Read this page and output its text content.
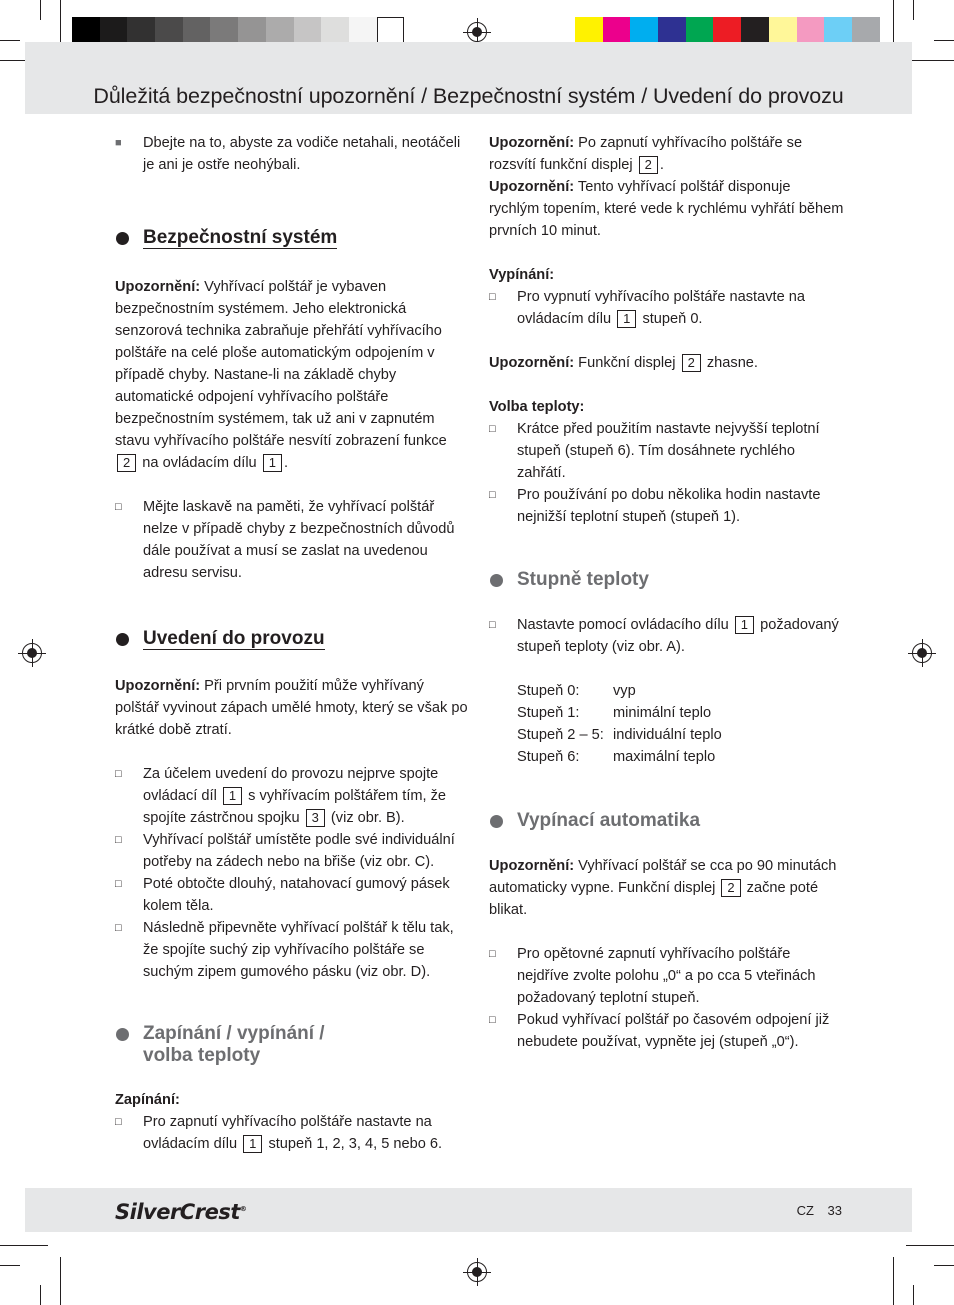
Důležitá bezpečnostní upozornění / Bezpečnostní systém / Uvedení do provozu

■ Dbejte na to, abyste za vodiče netahali, neotáčeli je ani je ostře neohýbali.

Bezpečnostní systém

Upozornění: Vyhřívací polštář je vybaven bezpečnostním systémem. Jeho elektronická senzorová technika zabraňuje přehřátí vyhřívacího polštáře na celé ploše automatickým odpojením v případě chyby. Nastane-li na základě chyby automatické odpojení vyhřívacího polštáře bezpečnostním systémem, tak už ani v zapnutém stavu vyhřívacího polštáře nesvítí zobrazení funkce 2 na ovládacím dílu 1 .

□ Mějte laskavě na paměti, že vyhřívací polštář nelze v případě chyby z bezpečnostních důvodů dále používat a musí se zaslat na uvedenou adresu servisu.

Uvedení do provozu

Upozornění: Při prvním použití může vyhřívaný polštář vyvinout zápach umělé hmoty, který se však po krátké době ztratí.

□ Za účelem uvedení do provozu nejprve spojte ovládací díl 1 s vyhřívacím polštářem tím, že spojíte zástrčnou spojku 3 (viz obr. B).

□ Vyhřívací polštář umístěte podle své individuální potřeby na zádech nebo na břiše (viz obr. C).

□ Poté obtočte dlouhý, natahovací gumový pásek kolem těla.

□ Následně připevněte vyhřívací polštář k tělu tak, že spojíte suchý zip vyhřívacího polštáře se suchým zipem gumového pásku (viz obr. D).

Zapínání / vypínání /
volba teploty

Zapínání:

□ Pro zapnutí vyhřívacího polštáře nastavte na ovládacím dílu 1 stupeň 1, 2, 3, 4, 5 nebo 6.

Upozornění: Po zapnutí vyhřívacího polštáře se rozsvítí funkční displej 2 .

Upozornění: Tento vyhřívací polštář disponuje rychlým topením, které vede k rychlému vyhřátí během prvních 10 minut.

Vypínání:

□ Pro vypnutí vyhřívacího polštáře nastavte na ovládacím dílu 1 stupeň 0.

Upozornění: Funkční displej 2 zhasne.

Volba teploty:

□ Krátce před použitím nastavte nejvyšší teplotní stupeň (stupeň 6). Tím dosáhnete rychlého zahřátí.

□ Pro používání po dobu několika hodin nastavte nejnižší teplotní stupeň (stupeň 1).

Stupně teploty

□ Nastavte pomocí ovládacího dílu 1 požadovaný stupeň teploty (viz obr. A).

Stupeň 0:	vyp
Stupeň 1:	minimální teplo
Stupeň 2 – 5: individuální teplo
Stupeň 6:	maximální teplo
Vypínací automatika

Upozornění: Vyhřívací polštář se cca po 90 minutách automaticky vypne. Funkční displej 2 začne poté blikat.

□ Pro opětovné zapnutí vyhřívacího polštáře nejdříve zvolte polohu „0“ a po cca 5 vteřinách požadovaný teplotní stupeň.

□ Pokud vyhřívací polštář po časovém odpojení již nebudete používat, vypněte jej (stupeň „0“).

SilverCrest®	CZ 33
